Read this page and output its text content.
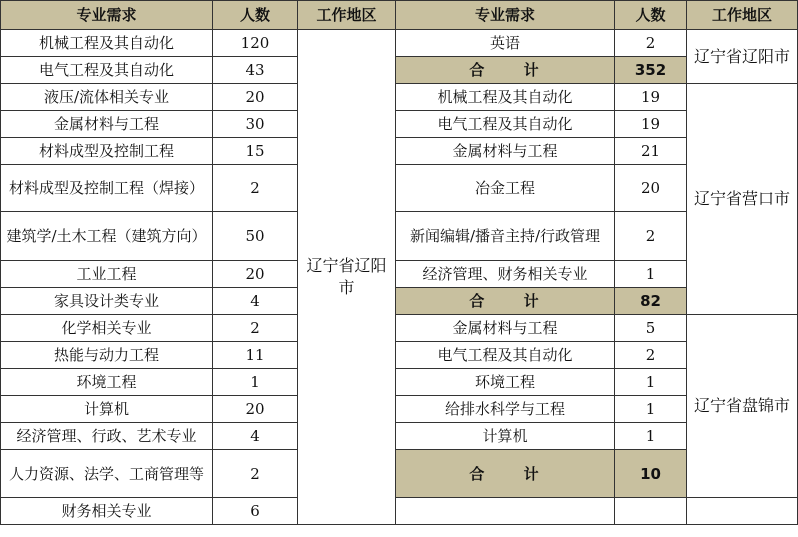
专业需求	人数	工作地区	专业需求	人数	工作地区
机械工程及其自动化	120	辽宁省辽阳市	英语	2	辽宁省辽阳市
电气工程及其自动化	43		合 计	352	
液压/流体相关专业	20		机械工程及其自动化	19	辽宁省营口市
金属材料与工程	30		电气工程及其自动化	19	
材料成型及控制工程	15		金属材料与工程	21	
材料成型及控制工程（焊接）	2		冶金工程	20	
建筑学/土木工程（建筑方向）	50		新闻编辑/播音主持/行政管理	2	
工业工程	20		经济管理、财务相关专业	1	
家具设计类专业	4		合 计	82	
化学相关专业	2		金属材料与工程	5	辽宁省盘锦市
热能与动力工程	11		电气工程及其自动化	2	
环境工程	1		环境工程	1	
计算机	20		给排水科学与工程	1	
经济管理、行政、艺术专业	4		计算机	1	
人力资源、法学、工商管理等	2		合 计	10	
财务相关专业	6				
